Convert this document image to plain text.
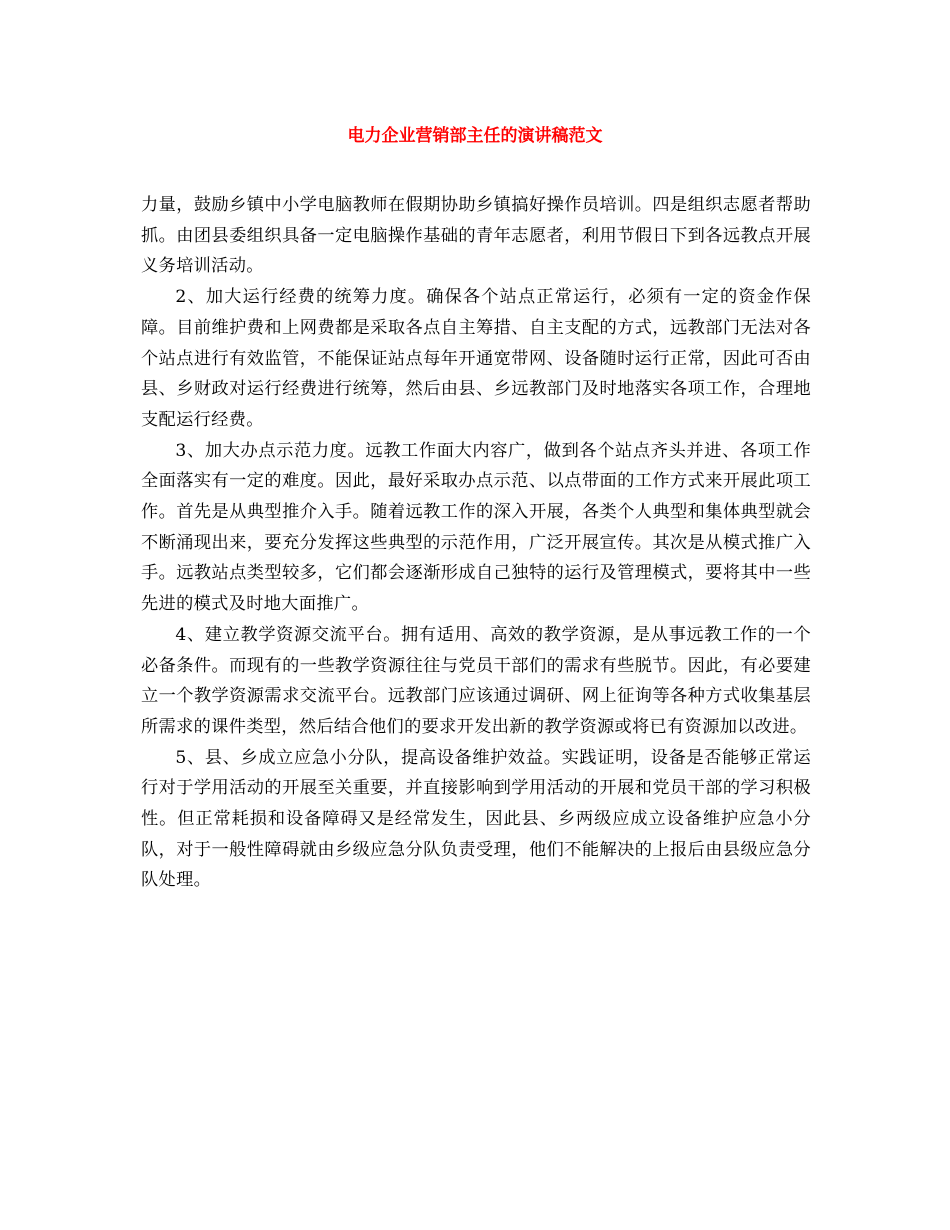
电力企业营销部主任的演讲稿范文

力量，鼓励乡镇中小学电脑教师在假期协助乡镇搞好操作员培训。四是组织志愿者帮助抓。由团县委组织具备一定电脑操作基础的青年志愿者，利用节假日下到各远教点开展义务培训活动。

2、加大运行经费的统筹力度。确保各个站点正常运行，必须有一定的资金作保障。目前维护费和上网费都是采取各点自主筹措、自主支配的方式，远教部门无法对各个站点进行有效监管，不能保证站点每年开通宽带网、设备随时运行正常，因此可否由县、乡财政对运行经费进行统筹，然后由县、乡远教部门及时地落实各项工作，合理地支配运行经费。

3、加大办点示范力度。远教工作面大内容广，做到各个站点齐头并进、各项工作全面落实有一定的难度。因此，最好采取办点示范、以点带面的工作方式来开展此项工作。首先是从典型推介入手。随着远教工作的深入开展，各类个人典型和集体典型就会不断涌现出来，要充分发挥这些典型的示范作用，广泛开展宣传。其次是从模式推广入手。远教站点类型较多，它们都会逐渐形成自己独特的运行及管理模式，要将其中一些先进的模式及时地大面推广。

4、建立教学资源交流平台。拥有适用、高效的教学资源，是从事远教工作的一个必备条件。而现有的一些教学资源往往与党员干部们的需求有些脱节。因此，有必要建立一个教学资源需求交流平台。远教部门应该通过调研、网上征询等各种方式收集基层所需求的课件类型，然后结合他们的要求开发出新的教学资源或将已有资源加以改进。

5、县、乡成立应急小分队，提高设备维护效益。实践证明，设备是否能够正常运行对于学用活动的开展至关重要，并直接影响到学用活动的开展和党员干部的学习积极性。但正常耗损和设备障碍又是经常发生，因此县、乡两级应成立设备维护应急小分队，对于一般性障碍就由乡级应急分队负责受理，他们不能解决的上报后由县级应急分队处理。
